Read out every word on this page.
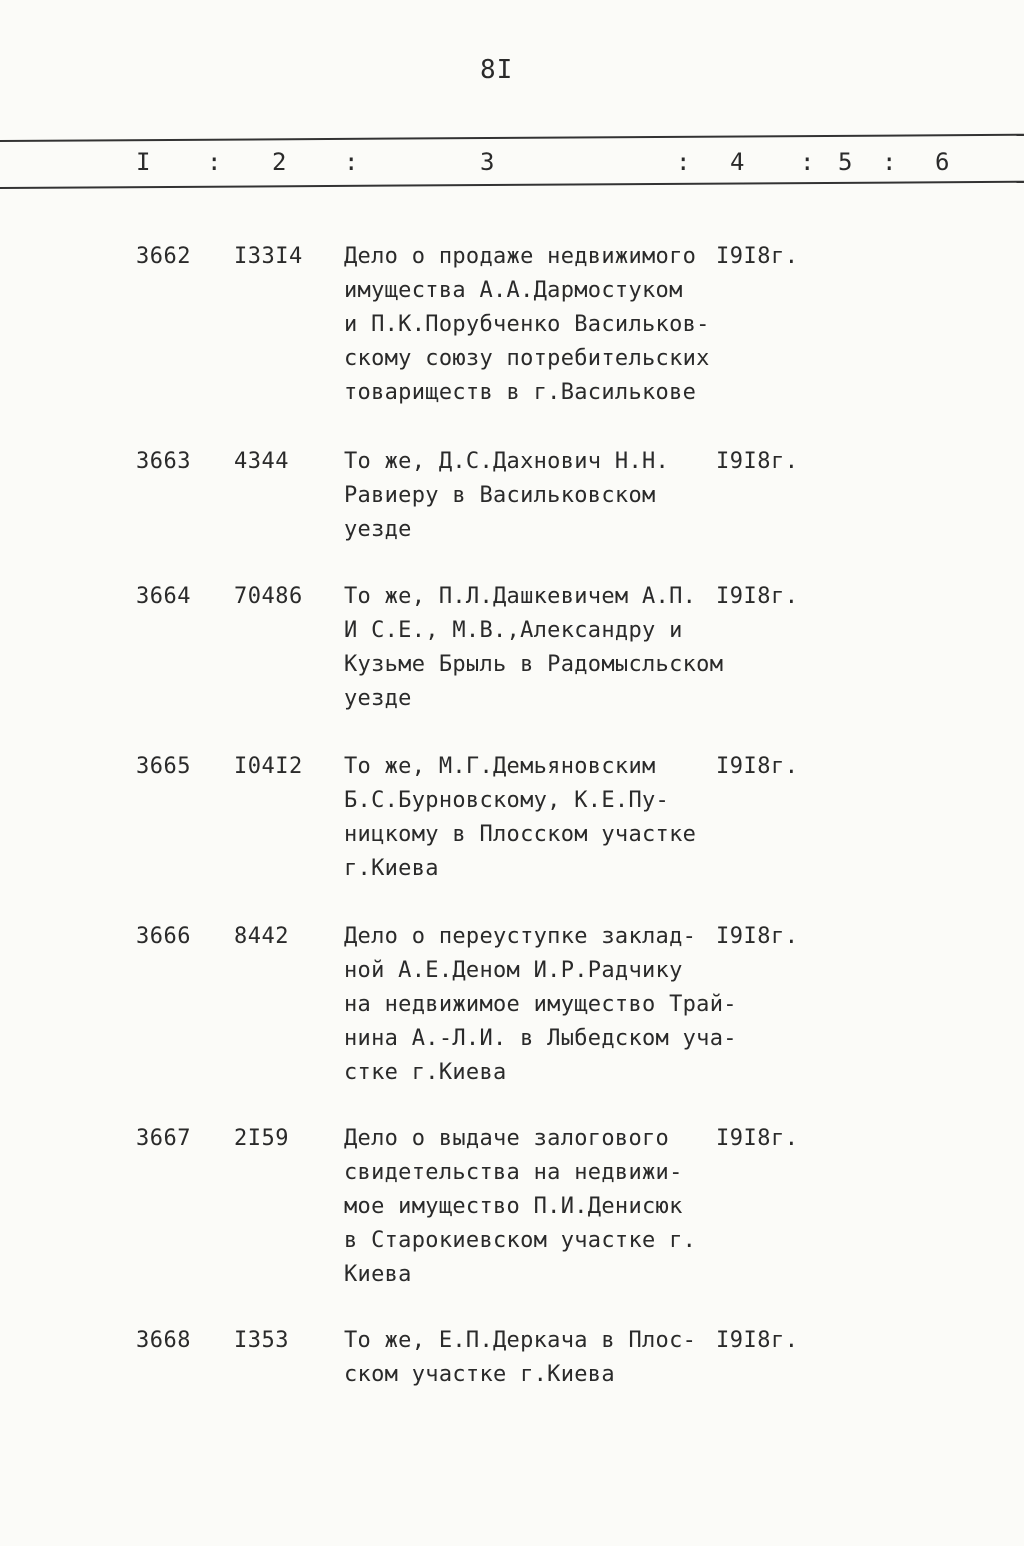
8I
I : 2 :	3	: 4 : 5 : 6
3662 I33I4 Дело о продаже недвижимого
имущества А.А.Дармостуком
и П.К.Порубченко Васильков-
скому союзу потребительских
товариществ в г.Василькове
I9I8г.
3663 4344	То же, Д.С.Дахнович Н.Н.
Равиеру в Васильковском
уезде
I9I8г.
3664 70486 То же, П.Л.Дашкевичем А.П.
И С.Е., М.В.,Александру и
Кузьме Брыль в Радомысльском
уезде
I9I8г.
3665 I04I2 То же, М.Г.Демьяновским
Б.С.Бурновскому, К.Е.Пу-
ницкому в Плосском участке
г.Киева
I9I8г.
3666 8442	Дело о переуступке заклад-
ной А.Е.Деном И.Р.Радчику
на недвижимое имущество Трай-
нина А.-Л.И. в Лыбедском уча-
стке г.Киева
I9I8г.
3667 2I59	Дело о выдаче залогового
свидетельства на недвижи-
мое имущество П.И.Денисюк
в Старокиевском участке г.
Киева
I9I8г.
3668 I353	То же, Е.П.Деркача в Плос-
ском участке г.Киева
I9I8г.
